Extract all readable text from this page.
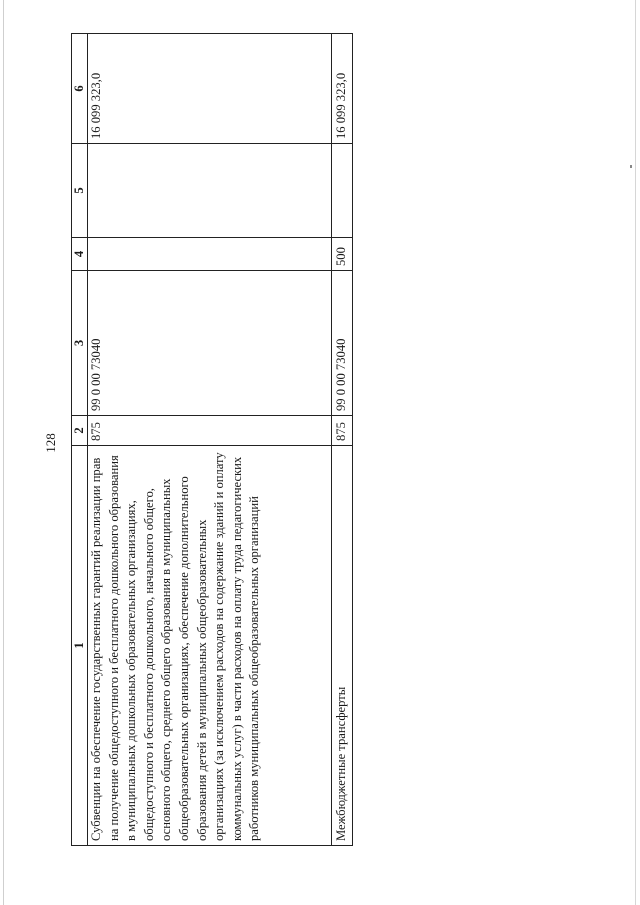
128
1	2	3	4	5	6
Субвенции на обеспечение государственных гарантий реализации прав на получение общедоступного и бесплатного дошкольного образования в муниципальных дошкольных образовательных организациях, общедоступного и бесплатного дошкольного, начального общего, основного общего, среднего общего образования в муниципальных общеобразовательных организациях, обеспечение дополнительного образования детей в муниципальных общеобразовательных организациях (за исключением расходов на содержание зданий и оплату коммунальных услуг) в части расходов на оплату труда педагогических работников муниципальных общеобразовательных организаций	875	99 0 00 73040			16 099 323,0
Межбюджетные трансферты	875	99 0 00 73040	500		16 099 323,0
